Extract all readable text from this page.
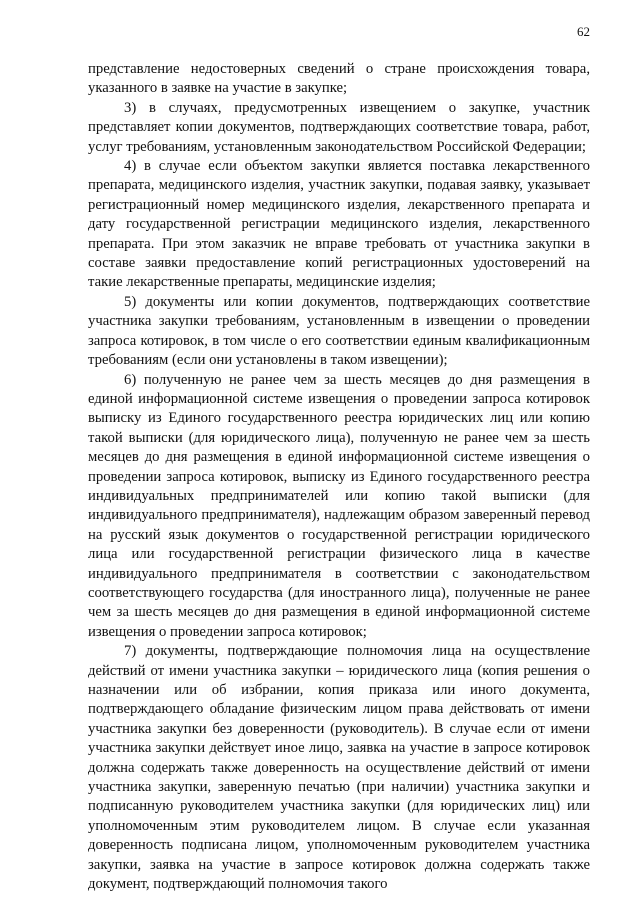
62

представление недостоверных сведений о стране происхождения товара, указанного в заявке на участие в закупке;

3) в случаях, предусмотренных извещением о закупке, участник представляет копии документов, подтверждающих соответствие товара, работ, услуг требованиям, установленным законодательством Российской Федерации;

4) в случае если объектом закупки является поставка лекарственного препарата, медицинского изделия, участник закупки, подавая заявку, указывает регистрационный номер медицинского изделия, лекарственного препарата и дату государственной регистрации медицинского изделия, лекарственного препарата. При этом заказчик не вправе требовать от участника закупки в составе заявки предоставление копий регистрационных удостоверений на такие лекарственные препараты, медицинские изделия;

5) документы или копии документов, подтверждающих соответствие участника закупки требованиям, установленным в извещении о проведении запроса котировок, в том числе о его соответствии единым квалификационным требованиям (если они установлены в таком извещении);

6) полученную не ранее чем за шесть месяцев до дня размещения в единой информационной системе извещения о проведении запроса котировок выписку из Единого государственного реестра юридических лиц или копию такой выписки (для юридического лица), полученную не ранее чем за шесть месяцев до дня размещения в единой информационной системе извещения о проведении запроса котировок, выписку из Единого государственного реестра индивидуальных предпринимателей или копию такой выписки (для индивидуального предпринимателя), надлежащим образом заверенный перевод на русский язык документов о государственной регистрации юридического лица или государственной регистрации физического лица в качестве индивидуального предпринимателя в соответствии с законодательством соответствующего государства (для иностранного лица), полученные не ранее чем за шесть месяцев до дня размещения в единой информационной системе извещения о проведении запроса котировок;

7) документы, подтверждающие полномочия лица на осуществление действий от имени участника закупки – юридического лица (копия решения о назначении или об избрании, копия приказа или иного документа, подтверждающего обладание физическим лицом права действовать от имени участника закупки без доверенности (руководитель). В случае если от имени участника закупки действует иное лицо, заявка на участие в запросе котировок должна содержать также доверенность на осуществление действий от имени участника закупки, заверенную печатью (при наличии) участника закупки и подписанную руководителем участника закупки (для юридических лиц) или уполномоченным этим руководителем лицом. В случае если указанная доверенность подписана лицом, уполномоченным руководителем участника закупки, заявка на участие в запросе котировок должна содержать также документ, подтверждающий полномочия такого
